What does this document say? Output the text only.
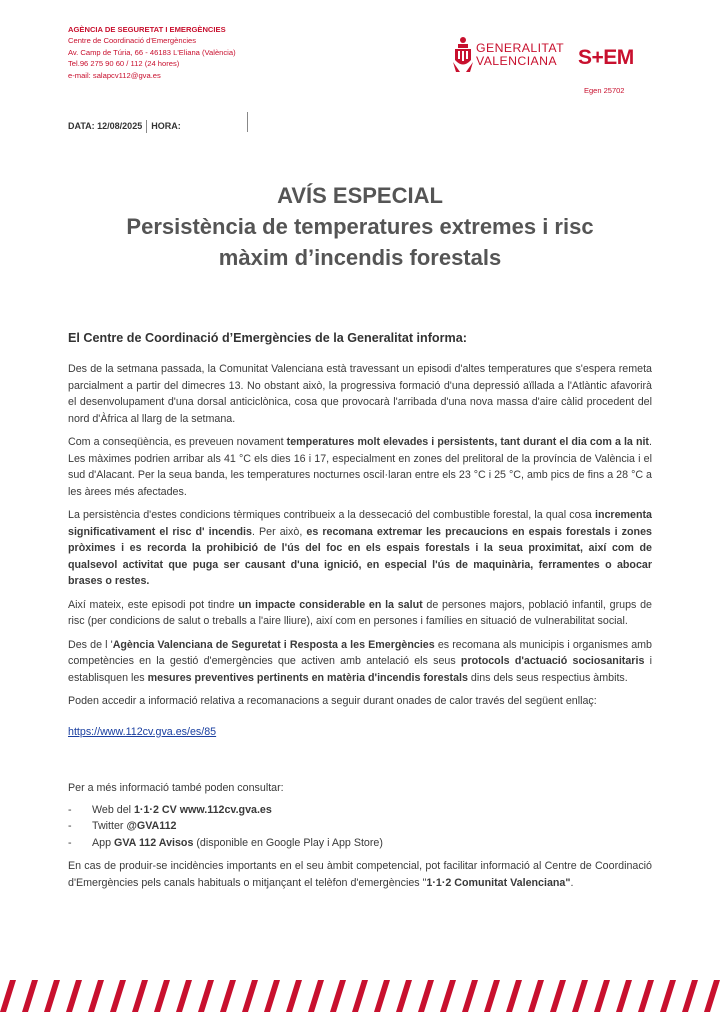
AGÈNCIA DE SEGURETAT I EMERGÈNCIES
Centre de Coordinació d'Emergències
Av. Camp de Túria, 66 - 46183 L'Eliana (València)
Tel.96 275 90 60 / 112 (24 hores)
e-mail: salapcv112@gva.es
GENERALITAT
VALENCIANA	S+EM
Egen 25702
DATA: 12/08/2025 HORA:
AVÍS ESPECIAL
Persistència de temperatures extremes i risc
màxim d’incendis forestals
El Centre de Coordinació d’Emergències de la Generalitat informa:

Des de la setmana passada, la Comunitat Valenciana està travessant un episodi d'altes temperatures que s'espera remeta parcialment a partir del dimecres 13. No obstant això, la progressiva formació d'una depressió aïllada a l'Atlàntic afavorirà el desenvolupament d'una dorsal anticiclònica, cosa que provocarà l'arribada d'una nova massa d'aire càlid procedent del nord d'Àfrica al llarg de la setmana.

Com a conseqüència, es preveuen novament temperatures molt elevades i persistents, tant durant el dia com a la nit. Les màximes podrien arribar als 41 °C els dies 16 i 17, especialment en zones del prelitoral de la província de València i el sud d'Alacant. Per la seua banda, les temperatures nocturnes oscil·laran entre els 23 °C i 25 °C, amb pics de fins a 28 °C a les àrees més afectades.

La persistència d'estes condicions tèrmiques contribueix a la dessecació del combustible forestal, la qual cosa incrementa significativament el risc d' incendis. Per això, es recomana extremar les precaucions en espais forestals i zones pròximes i es recorda la prohibició de l'ús del foc en els espais forestals i la seua proximitat, així com de qualsevol activitat que puga ser causant d'una ignició, en especial l'ús de maquinària, ferramentes o abocar brases o restes.

Així mateix, este episodi pot tindre un impacte considerable en la salut de persones majors, població infantil, grups de risc (per condicions de salut o treballs a l'aire lliure), així com en persones i famílies en situació de vulnerabilitat social.

Des de l 'Agència Valenciana de Seguretat i Resposta a les Emergències es recomana als municipis i organismes amb competències en la gestió d'emergències que activen amb antelació els seus protocols d'actuació sociosanitaris i establisquen les mesures preventives pertinents en matèria d'incendis forestals dins dels seus respectius àmbits.

Poden accedir a informació relativa a recomanacions a seguir durant onades de calor través del següent enllaç:

https://www.112cv.gva.es/es/85

Per a més informació també poden consultar:

- Web del 1·1·2 CV www.112cv.gva.es
- Twitter @GVA112
- App GVA 112 Avisos (disponible en Google Play i App Store)

En cas de produir-se incidències importants en el seu àmbit competencial, pot facilitar informació al Centre de Coordinació d'Emergències pels canals habituals o mitjançant el telèfon d'emergències "1·1·2 Comunitat Valenciana".
